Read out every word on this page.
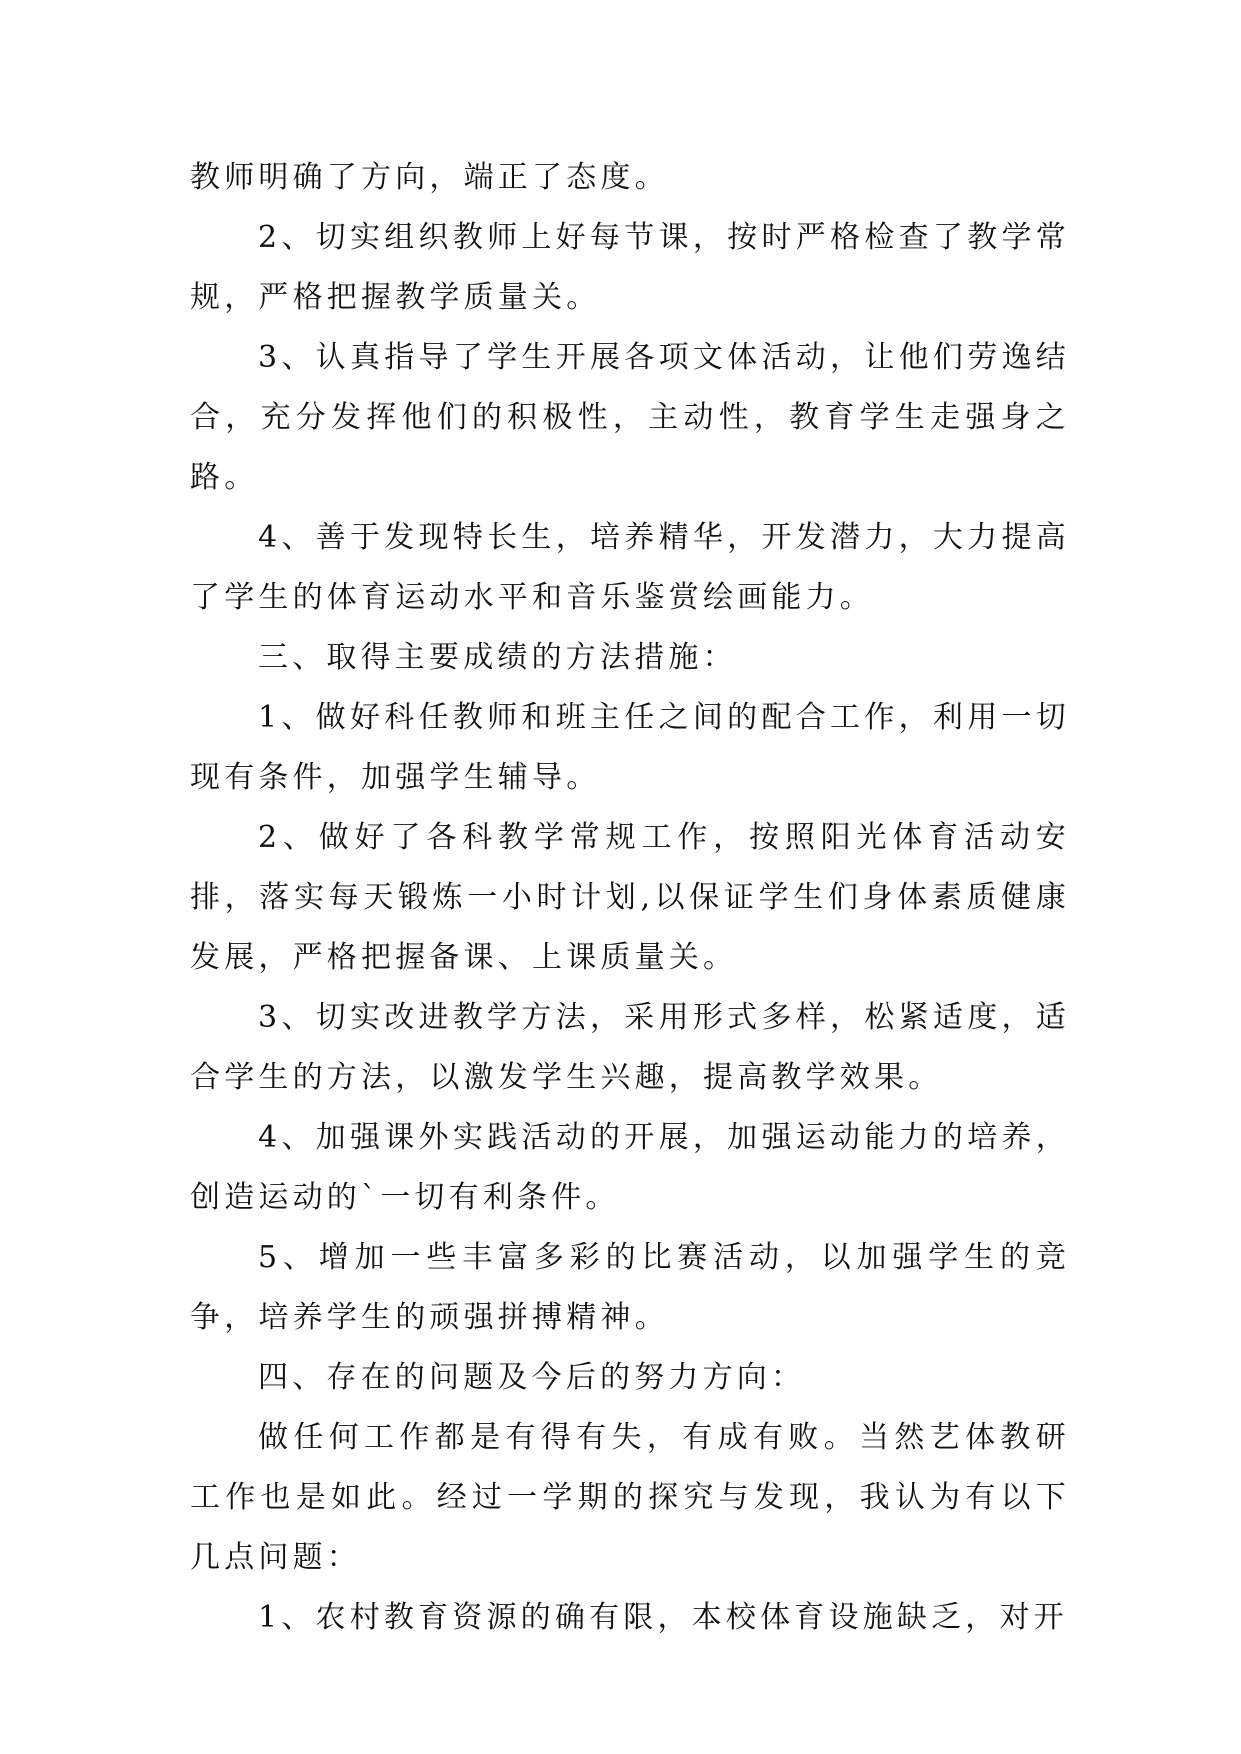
教师明确了方向，端正了态度。

2、切实组织教师上好每节课，按时严格检查了教学常规，严格把握教学质量关。

3、认真指导了学生开展各项文体活动，让他们劳逸结合，充分发挥他们的积极性，主动性，教育学生走强身之路。

4、善于发现特长生，培养精华，开发潜力，大力提高了学生的体育运动水平和音乐鉴赏绘画能力。

三、取得主要成绩的方法措施：

1、做好科任教师和班主任之间的配合工作，利用一切现有条件，加强学生辅导。

2、做好了各科教学常规工作，按照阳光体育活动安排，落实每天锻炼一小时计划,以保证学生们身体素质健康发展，严格把握备课、上课质量关。

3、切实改进教学方法，采用形式多样，松紧适度，适合学生的方法，以激发学生兴趣，提高教学效果。

4、加强课外实践活动的开展，加强运动能力的培养，创造运动的`一切有利条件。

5、增加一些丰富多彩的比赛活动，以加强学生的竞争，培养学生的顽强拼搏精神。

四、存在的问题及今后的努力方向：

做任何工作都是有得有失，有成有败。当然艺体教研工作也是如此。经过一学期的探究与发现，我认为有以下几点问题：

1、农村教育资源的确有限，本校体育设施缺乏，对开
